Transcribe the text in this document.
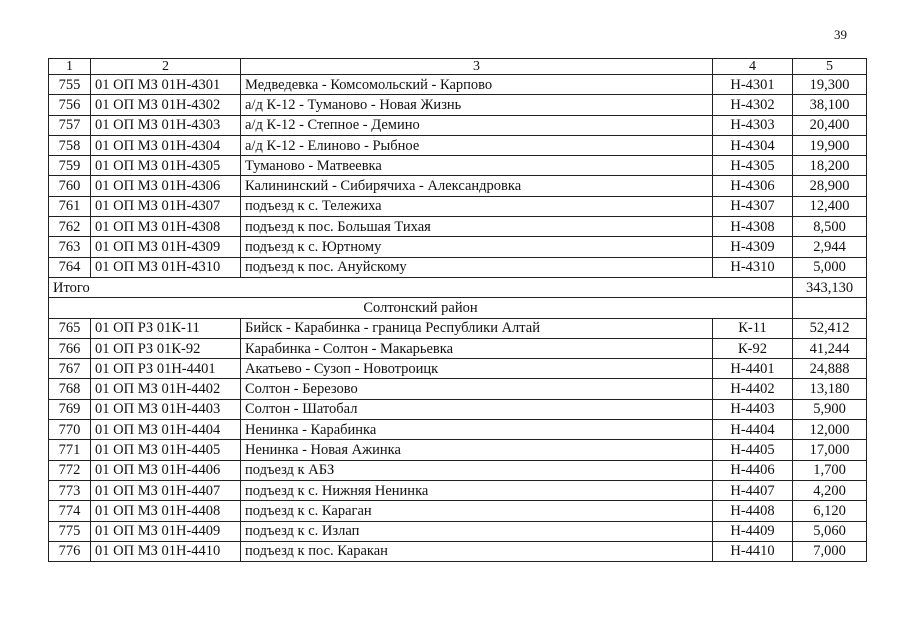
39
1	2	3	4	5
755	01 ОП МЗ 01Н-4301	Медведевка - Комсомольский - Карпово	Н-4301	19,300
756	01 ОП МЗ 01Н-4302	а/д К-12 - Туманово - Новая Жизнь	Н-4302	38,100
757	01 ОП МЗ 01Н-4303	а/д К-12 - Степное - Демино	Н-4303	20,400
758	01 ОП МЗ 01Н-4304	а/д К-12 - Елиново - Рыбное	Н-4304	19,900
759	01 ОП МЗ 01Н-4305	Туманово - Матвеевка	Н-4305	18,200
760	01 ОП МЗ 01Н-4306	Калининский - Сибирячиха - Александровка	Н-4306	28,900
761	01 ОП МЗ 01Н-4307	подъезд к с. Тележиха	Н-4307	12,400
762	01 ОП МЗ 01Н-4308	подъезд к пос. Большая Тихая	Н-4308	8,500
763	01 ОП МЗ 01Н-4309	подъезд к с. Юртному	Н-4309	2,944
764	01 ОП МЗ 01Н-4310	подъезд к пос. Ануйскому	Н-4310	5,000
Итого				343,130
Солтонский район				
765	01 ОП РЗ 01К-11	Бийск - Карабинка - граница Республики Алтай	К-11	52,412
766	01 ОП РЗ 01К-92	Карабинка - Солтон - Макарьевка	К-92	41,244
767	01 ОП РЗ 01Н-4401	Акатьево - Сузоп - Новотроицк	Н-4401	24,888
768	01 ОП МЗ 01Н-4402	Солтон - Березово	Н-4402	13,180
769	01 ОП МЗ 01Н-4403	Солтон - Шатобал	Н-4403	5,900
770	01 ОП МЗ 01Н-4404	Ненинка - Карабинка	Н-4404	12,000
771	01 ОП МЗ 01Н-4405	Ненинка - Новая Ажинка	Н-4405	17,000
772	01 ОП МЗ 01Н-4406	подъезд к АБЗ	Н-4406	1,700
773	01 ОП МЗ 01Н-4407	подъезд к с. Нижняя Ненинка	Н-4407	4,200
774	01 ОП МЗ 01Н-4408	подъезд к с. Караган	Н-4408	6,120
775	01 ОП МЗ 01Н-4409	подъезд к с. Излап	Н-4409	5,060
776	01 ОП МЗ 01Н-4410	подъезд к пос. Каракан	Н-4410	7,000
